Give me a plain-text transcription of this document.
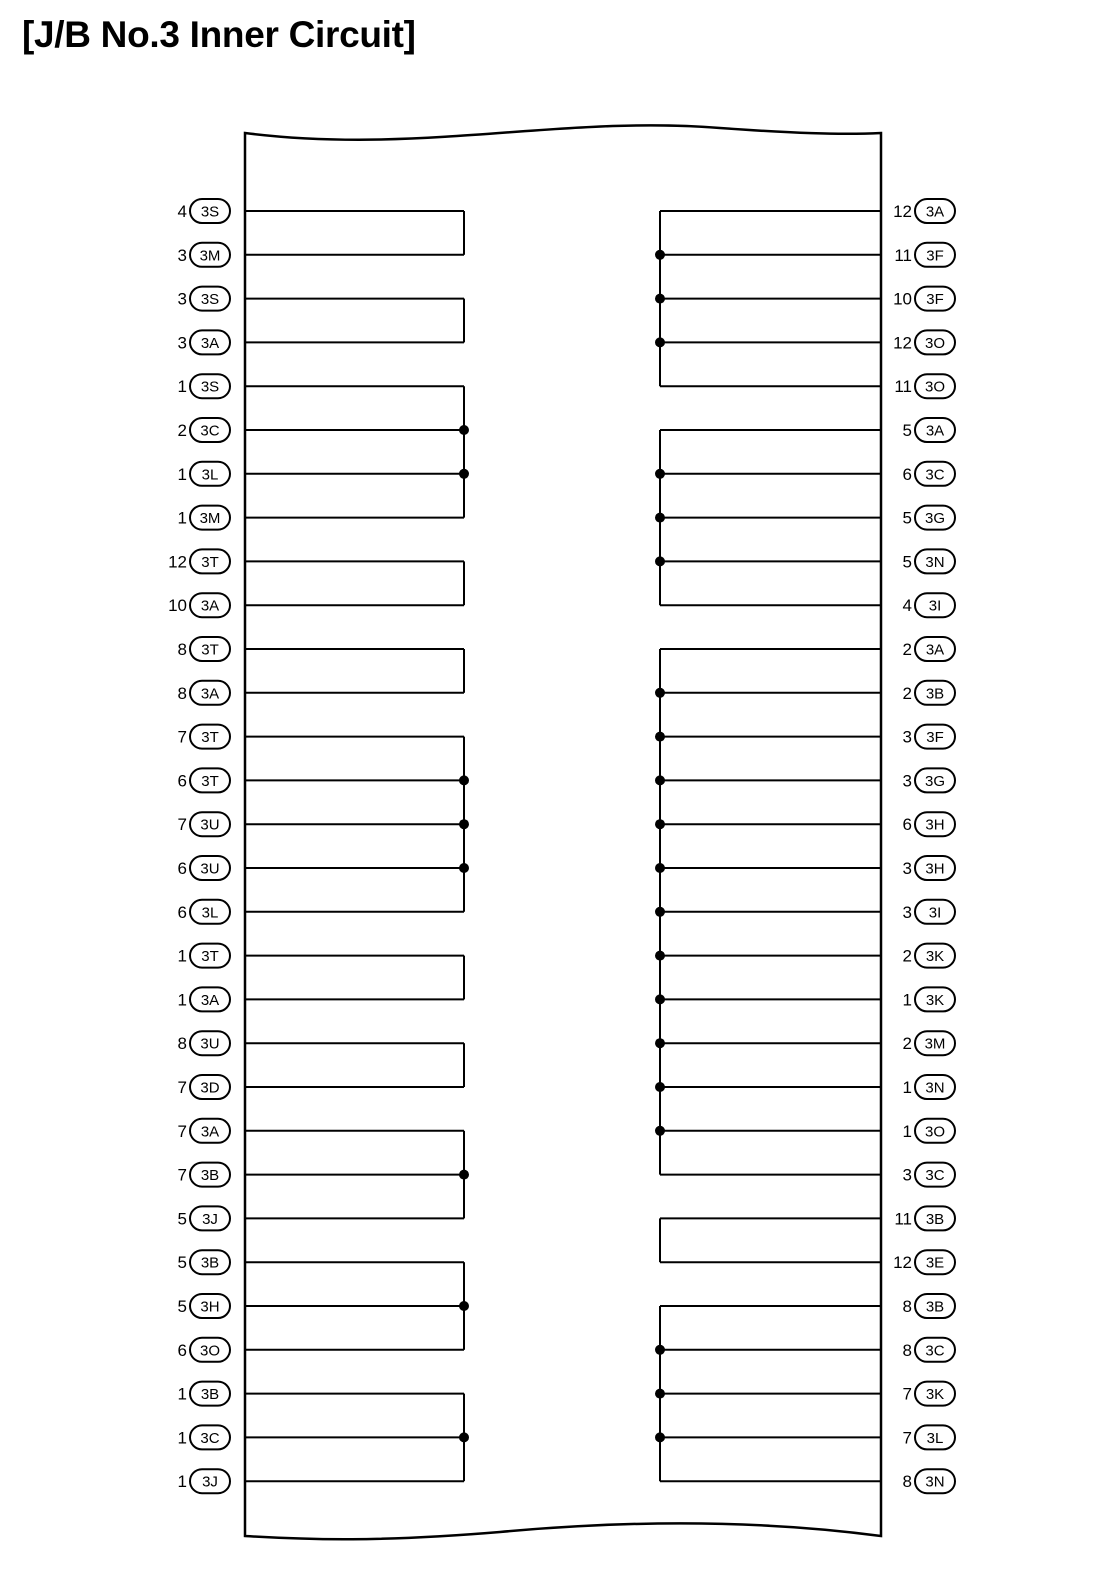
[J/B No.3 Inner Circuit]
4 3S
3 3M
3 3S
3 3A
1 3S
2 3C
1 3L
1 3M
12 3T
10 3A
8 3T
8 3A
7 3T
6 3T
7 3U
6 3U
6 3L
1 3T
1 3A
8 3U
7 3D
7 3A
7 3B
5 3J
5 3B
5 3H
6 3O
1 3B
1 3C
1 3J
12 3A
11 3F
10 3F
12 3O
11 3O
5 3A
6 3C
5 3G
5 3N
4 3I
2 3A
2 3B
3 3F
3 3G
6 3H
3 3H
3 3I
2 3K
1 3K
2 3M
1 3N
1 3O
3 3C
11 3B
12 3E
8 3B
8 3C
7 3K
7 3L
8 3N
